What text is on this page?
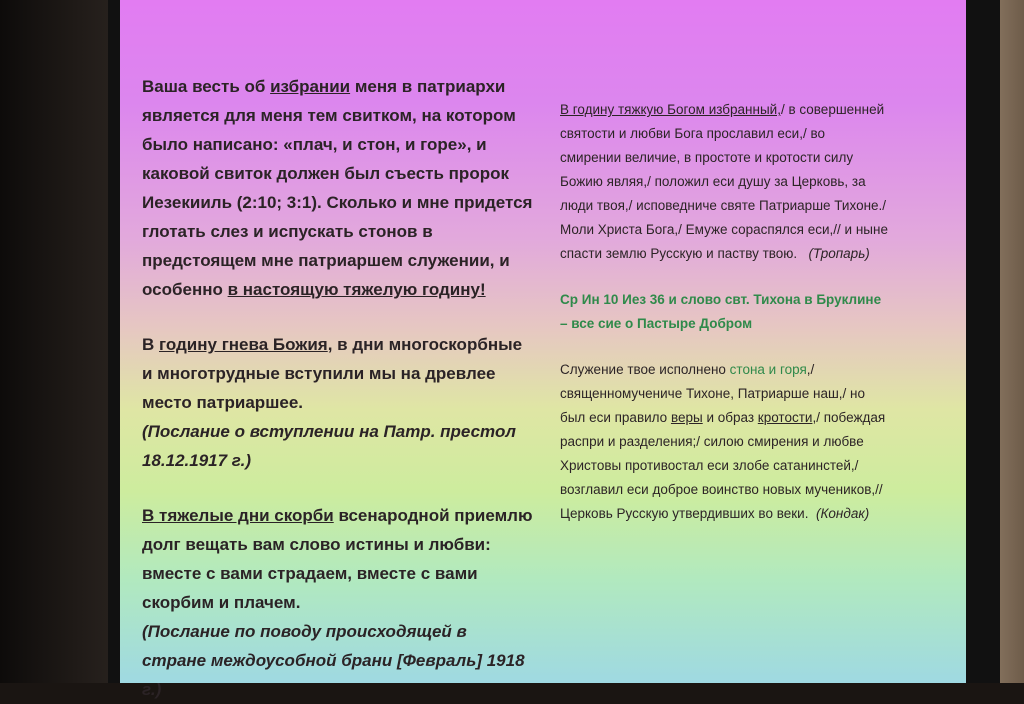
Ваша весть об избрании меня в патриархи является для меня тем свитком, на котором было написано: «плач, и стон, и горе», и каковой свиток должен был съесть пророк Иезекииль (2:10; 3:1). Сколько и мне придется глотать слез и испускать стонов в предстоящем мне патриаршем служении, и особенно в настоящую тяжелую годину!

В годину гнева Божия, в дни многоскорбные и многотрудные вступили мы на древлее место патриаршее.

(Послание о вступлении на Патр. престол 18.12.1917 г.)

В тяжелые дни скорби всенародной приемлю долг вещать вам слово истины и любви: вместе с вами страдаем, вместе с вами скорбим и плачем.

(Послание по поводу происходящей в стране междоусобной брани [Февраль] 1918 г.)

В годину тяжкую Богом избранный,/ в совершенней святости и любви Бога прославил еси,/ во смирении величие, в простоте и кротости силу Божию являя,/ положил еси душу за Церковь, за люди твоя,/ исповедниче святе Патриарше Тихоне./ Моли Христа Бога,/ Емуже сораспялся еси,// и ныне спасти землю Русскую и паству твою. (Тропарь)

Ср Ин 10 Иез 36 и слово свт. Тихона в Бруклине – все сие о Пастыре Добром

Служение твое исполнено стона и горя,/ священномучениче Тихоне, Патриарше наш,/ но был еси правило веры и образ кротости,/ побеждая распри и разделения;/ силою смирения и любве Христовы противостал еси злобе сатанинстей,/ возглавил еси доброе воинство новых мучеников,// Церковь Русскую утвердивших во веки. (Кондак)
